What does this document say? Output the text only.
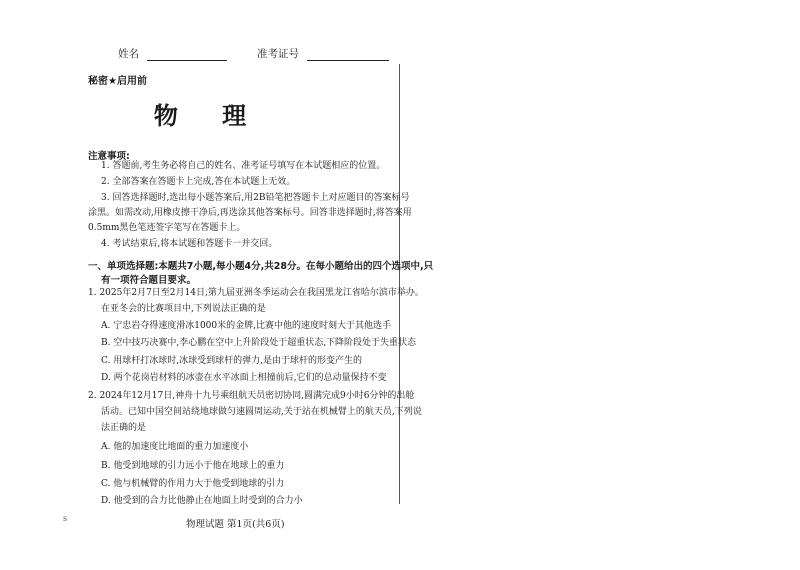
姓名	准考证号
秘密★启用前
物 理
注意事项:
1. 答题前,考生务必将自己的姓名、准考证号填写在本试题相应的位置。
2. 全部答案在答题卡上完成,答在本试题上无效。
3. 回答选择题时,选出每小题答案后,用2B铅笔把答题卡上对应题目的答案标号
涂黑。如需改动,用橡皮擦干净后,再选涂其他答案标号。回答非选择题时,将答案用
0.5mm黑色笔迹签字笔写在答题卡上。
4. 考试结束后,将本试题和答题卡一并交回。
一、单项选择题:本题共7小题,每小题4分,共28分。在每小题给出的四个选项中,只
有一项符合题目要求。
1. 2025年2月7日至2月14日,第九届亚洲冬季运动会在我国黑龙江省哈尔滨市举办。
在亚冬会的比赛项目中,下列说法正确的是
A. 宁忠岩夺得速度滑冰1000米的金牌,比赛中他的速度时刻大于其他选手
B. 空中技巧决赛中,李心鹏在空中上升阶段处于超重状态,下降阶段处于失重状态
C. 用球杆打冰球时,冰球受到球杆的弹力,是由于球杆的形变产生的
D. 两个花岗岩材料的冰壶在水平冰面上相撞前后,它们的总动量保持不变
2. 2024年12月17日,神舟十九号乘组航天员密切协同,圆满完成9小时6分钟的出舱
活动。已知中国空间站绕地球做匀速圆周运动,关于站在机械臂上的航天员,下列说
法正确的是
A. 他的加速度比地面的重力加速度小
B. 他受到地球的引力远小于他在地球上的重力
C. 他与机械臂的作用力大于他受到地球的引力
D. 他受到的合力比他静止在地面上时受到的合力小
s
物理试题 第1页(共6页)
